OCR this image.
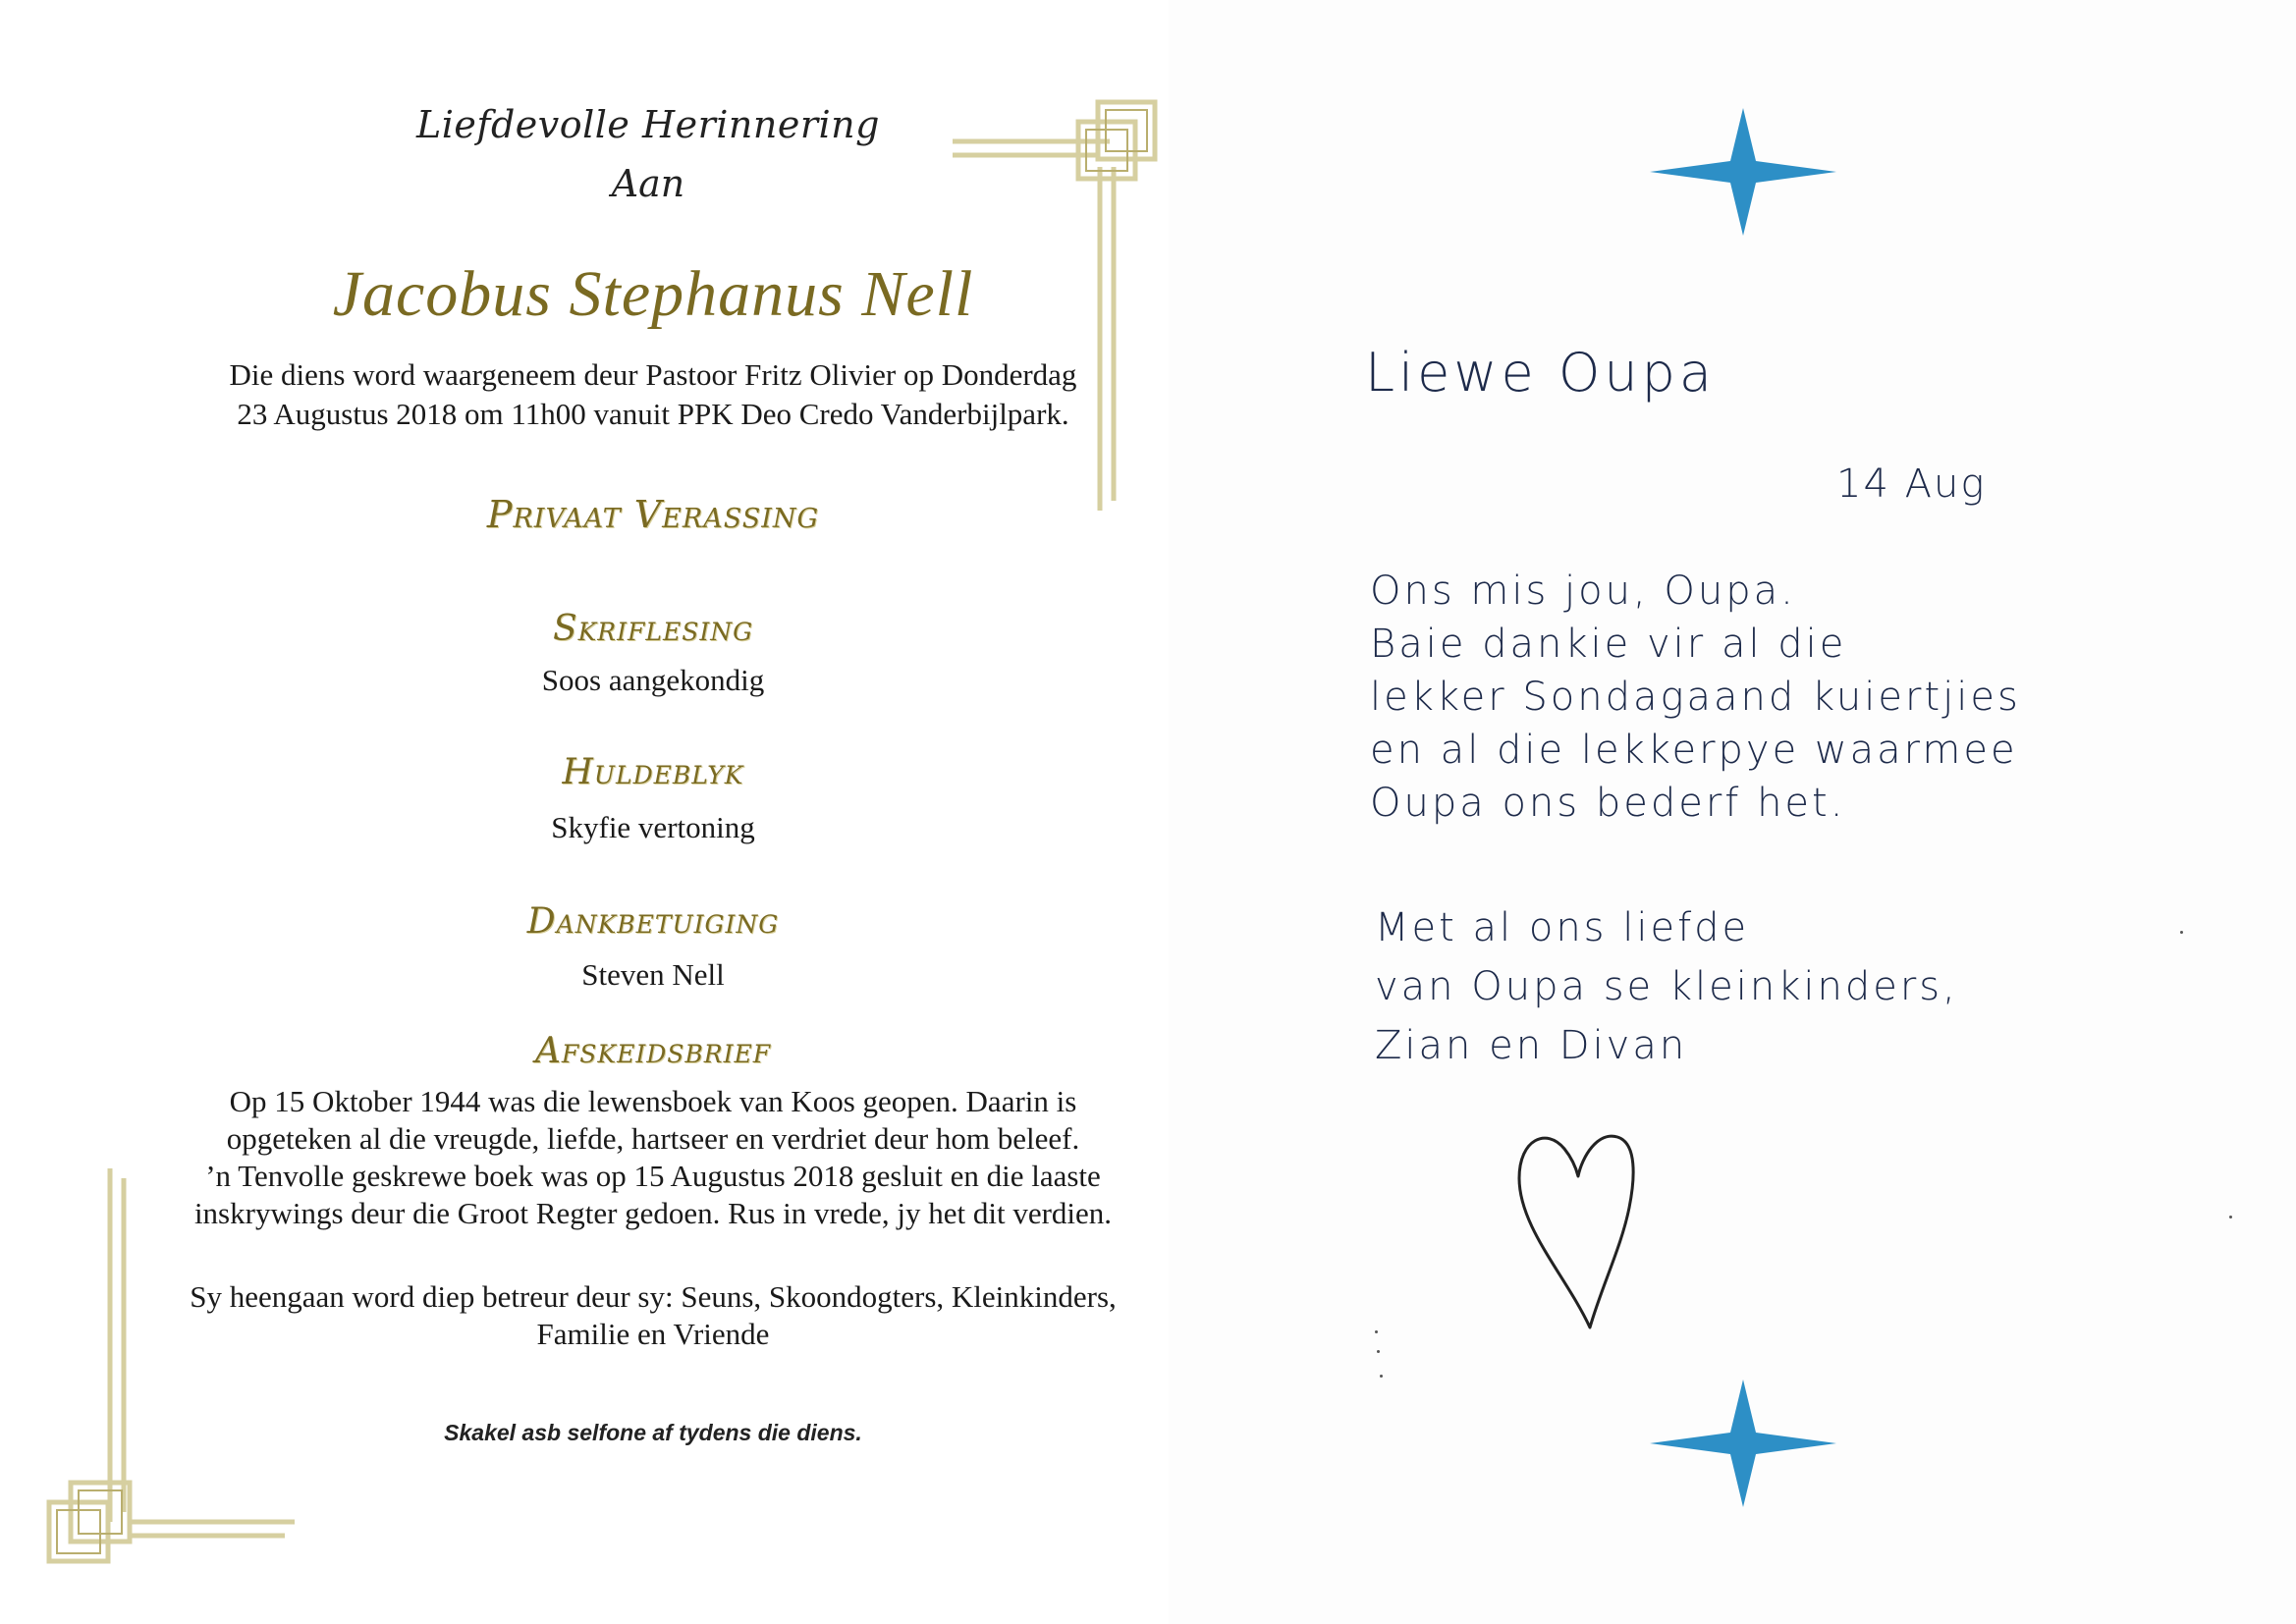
Liefdevolle Herinnering
Aan
Jacobus Stephanus Nell
Die diens word waargeneem deur Pastoor Fritz Olivier op Donderdag
23 Augustus 2018 om 11h00 vanuit PPK Deo Credo Vanderbijlpark.
Privaat Verassing
Skriflesing
Soos aangekondig
Huldeblyk
Skyfie vertoning
Dankbetuiging
Steven Nell
Afskeidsbrief
Op 15 Oktober 1944 was die lewensboek van Koos geopen. Daarin is
opgeteken al die vreugde, liefde, hartseer en verdriet deur hom beleef.
’n Tenvolle geskrewe boek was op 15 Augustus 2018 gesluit en die laaste
inskrywings deur die Groot Regter gedoen. Rus in vrede, jy het dit verdien.
Sy heengaan word diep betreur deur sy: Seuns, Skoondogters, Kleinkinders,
Familie en Vriende
Skakel asb selfone af tydens die diens.
Liewe Oupa
14 Aug
Ons mis jou, Oupa.
Baie dankie vir al die
lekker Sondagaand kuiertjies
en al die lekkerpye waarmee
Oupa ons bederf het.
Met al ons liefde
van Oupa se kleinkinders,
Zian en Divan
